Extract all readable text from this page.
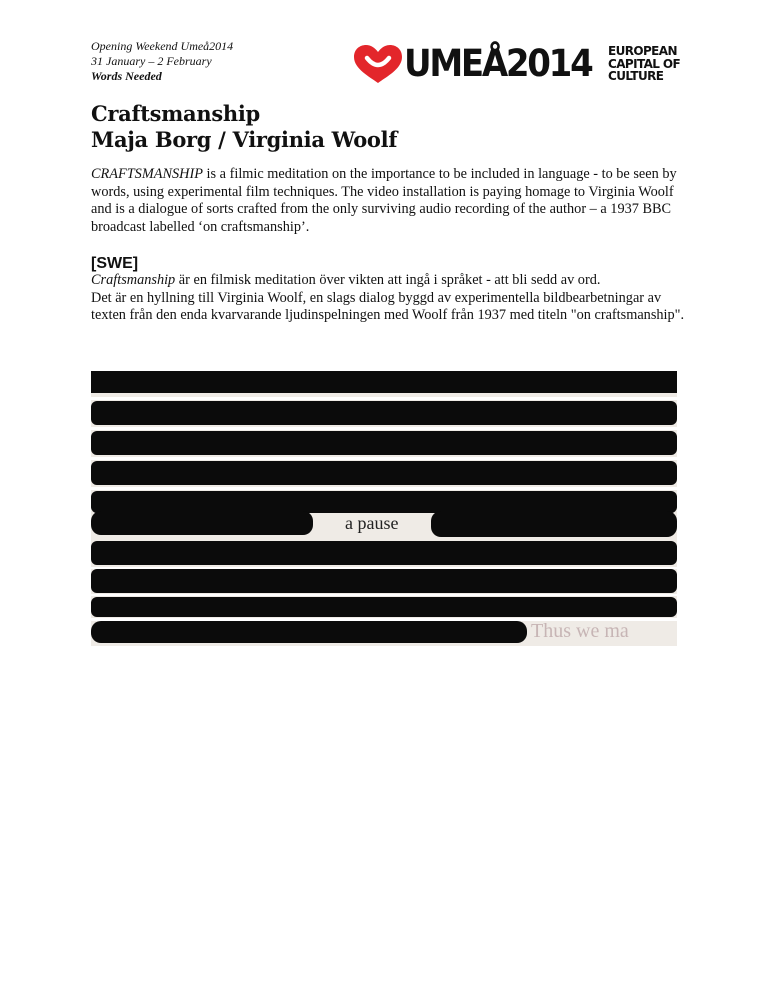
Opening Weekend Umeå2014
31 January – 2 February
Words Needed	UMEÅ2014 EUROPEAN
CAPITAL OF
CULTURE
Craftsmanship
Maja Borg / Virginia Woolf

CRAFTSMANSHIP is a filmic meditation on the importance to be included in language - to be seen by words, using experimental film techniques. The video installation is paying homage to Virginia Woolf and is a dialogue of sorts crafted from the only surviving audio recording of the author – a 1937 BBC broadcast labelled ‘on craftsmanship’.

[SWE]

Craftsmanship är en filmisk meditation över vikten att ingå i språket - att bli sedd av ord.
Det är en hyllning till Virginia Woolf, en slags dialog byggd av experimentella bildbearbetningar av texten från den enda kvarvarande ljudinspelningen med Woolf från 1937 med titeln "on craftsmanship".

a pause
Thus we ma
